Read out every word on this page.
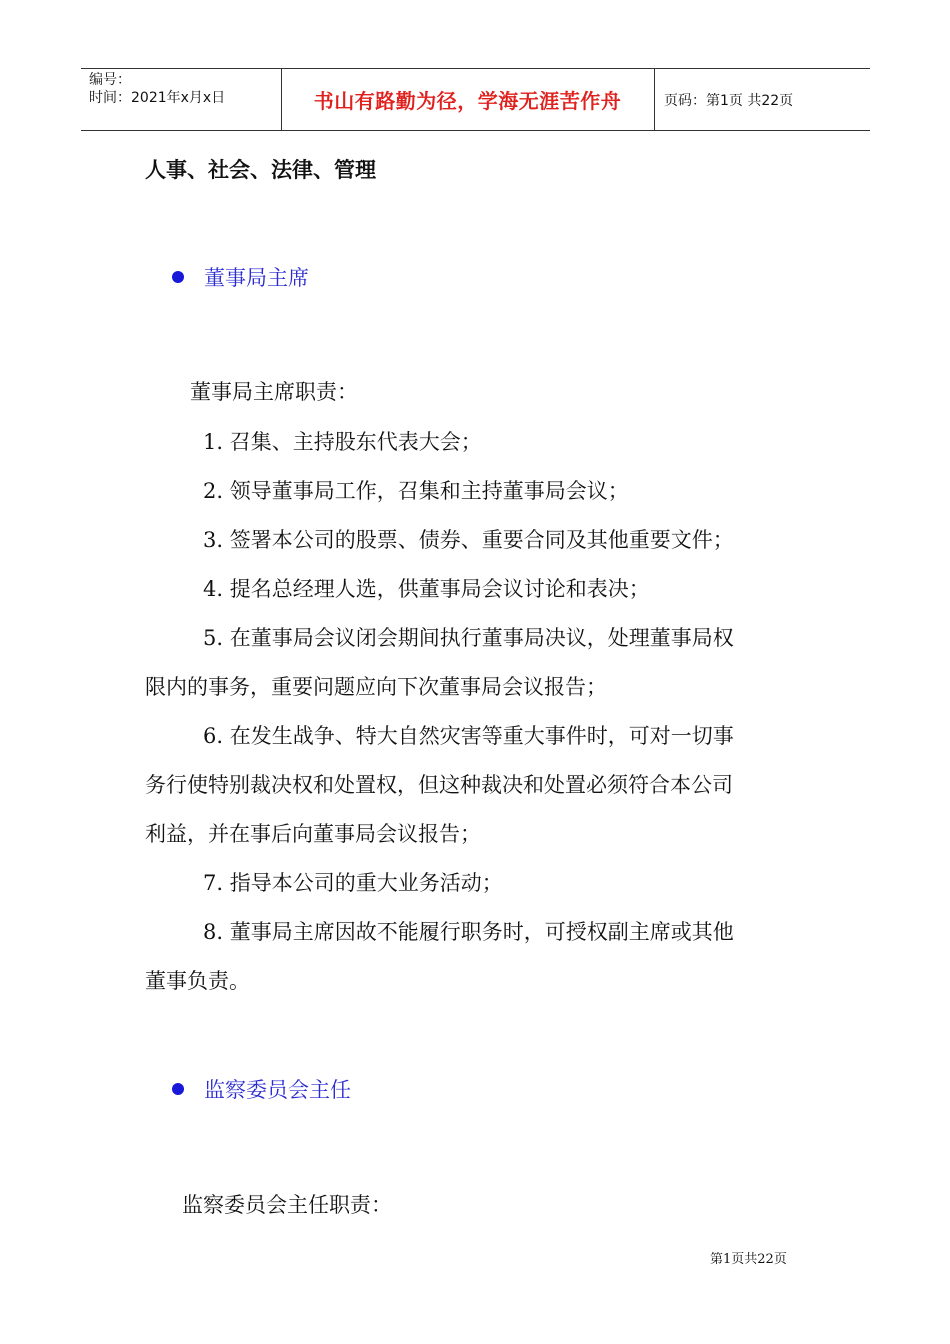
编号：
时间：2021年x月x日	书山有路勤为径，学海无涯苦作舟	页码：第1页 共22页
人事、社会、法律、管理
董事局主席
董事局主席职责：
1. 召集、主持股东代表大会；
2. 领导董事局工作，召集和主持董事局会议；
3. 签署本公司的股票、债券、重要合同及其他重要文件；
4. 提名总经理人选，供董事局会议讨论和表决；
5. 在董事局会议闭会期间执行董事局决议，处理董事局权
限内的事务，重要问题应向下次董事局会议报告；
6. 在发生战争、特大自然灾害等重大事件时，可对一切事
务行使特别裁决权和处置权，但这种裁决和处置必须符合本公司
利益，并在事后向董事局会议报告；
7. 指导本公司的重大业务活动；
8. 董事局主席因故不能履行职务时，可授权副主席或其他
董事负责。
监察委员会主任
监察委员会主任职责：
第1页共22页
